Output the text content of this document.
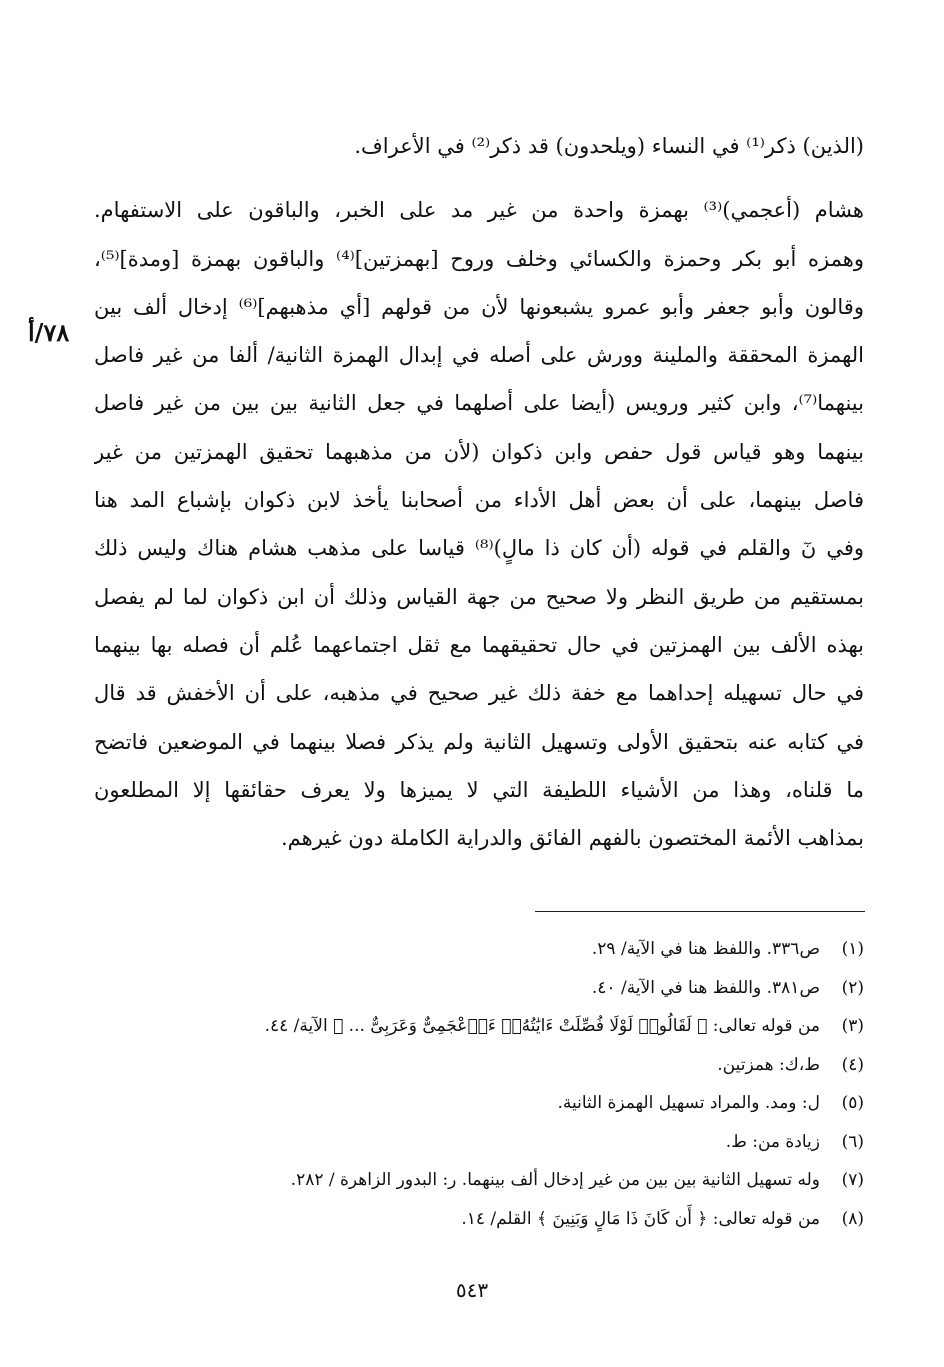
(الذين) ذكر⁽¹⁾ في النساء (ويلحدون) قد ذكر⁽²⁾ في الأعراف.
هشام (أعجمي)⁽³⁾ بهمزة واحدة من غير مد على الخبر، والباقون على الاستفهام.
وهمزه أبو بكر وحمزة والكسائي وخلف وروح [بهمزتين]⁽⁴⁾ والباقون بهمزة [ومدة]⁽⁵⁾،
وقالون وأبو جعفر وأبو عمرو يشبعونها لأن من قولهم [أي مذهبهم]⁽⁶⁾ إدخال ألف بين
الهمزة المحققة والملينة وورش على أصله في إبدال الهمزة الثانية/ ألفا من غير فاصل
بينهما⁽⁷⁾، وابن كثير ورويس (أيضا على أصلهما في جعل الثانية بين بين من غير فاصل
بينهما وهو قياس قول حفص وابن ذكوان (لأن من مذهبهما تحقيق الهمزتين من غير
فاصل بينهما، على أن بعض أهل الأداء من أصحابنا يأخذ لابن ذكوان بإشباع المد هنا
وفي نٓ والقلم في قوله (أن كان ذا مالٍ)⁽⁸⁾ قياسا على مذهب هشام هناك وليس ذلك
بمستقيم من طريق النظر ولا صحيح من جهة القياس وذلك أن ابن ذكوان لما لم يفصل
بهذه الألف بين الهمزتين في حال تحقيقهما مع ثقل اجتماعهما عُلم أن فصله بها بينهما
في حال تسهيله إحداهما مع خفة ذلك غير صحيح في مذهبه، على أن الأخفش قد قال
في كتابه عنه بتحقيق الأولى وتسهيل الثانية ولم يذكر فصلا بينهما في الموضعين فاتضح
ما قلناه، وهذا من الأشياء اللطيفة التي لا يميزها ولا يعرف حقائقها إلا المطلعون
بمذاهب الأئمة المختصون بالفهم الفائق والدراية الكاملة دون غيرهم.
٧٨/أ
(١)
ص٣٣٦. واللفظ هنا في الآية/ ٢٩.
(٢)
ص٣٨١. واللفظ هنا في الآية/ ٤٠.
(٣)
من قوله تعالى: ﴿ لَقَالُوا۟ لَوْلَا فُصِّلَتْ ءَايَٰتُهُۥٓ ءَا۬عْجَمِىٌّ وَعَرَبِىٌّ ... ﴾ الآية/ ٤٤.
(٤)
ط،ك: همزتين.
(٥)
ل: ومد. والمراد تسهيل الهمزة الثانية.
(٦)
زيادة من: ط.
(٧)
وله تسهيل الثانية بين بين من غير إدخال ألف بينهما. ر: البدور الزاهرة / ٢٨٢.
(٨)
من قوله تعالى: ﴿ أَن كَانَ ذَا مَالٍ وَبَنِينَ ﴾ القلم/ ١٤.
٥٤٣
